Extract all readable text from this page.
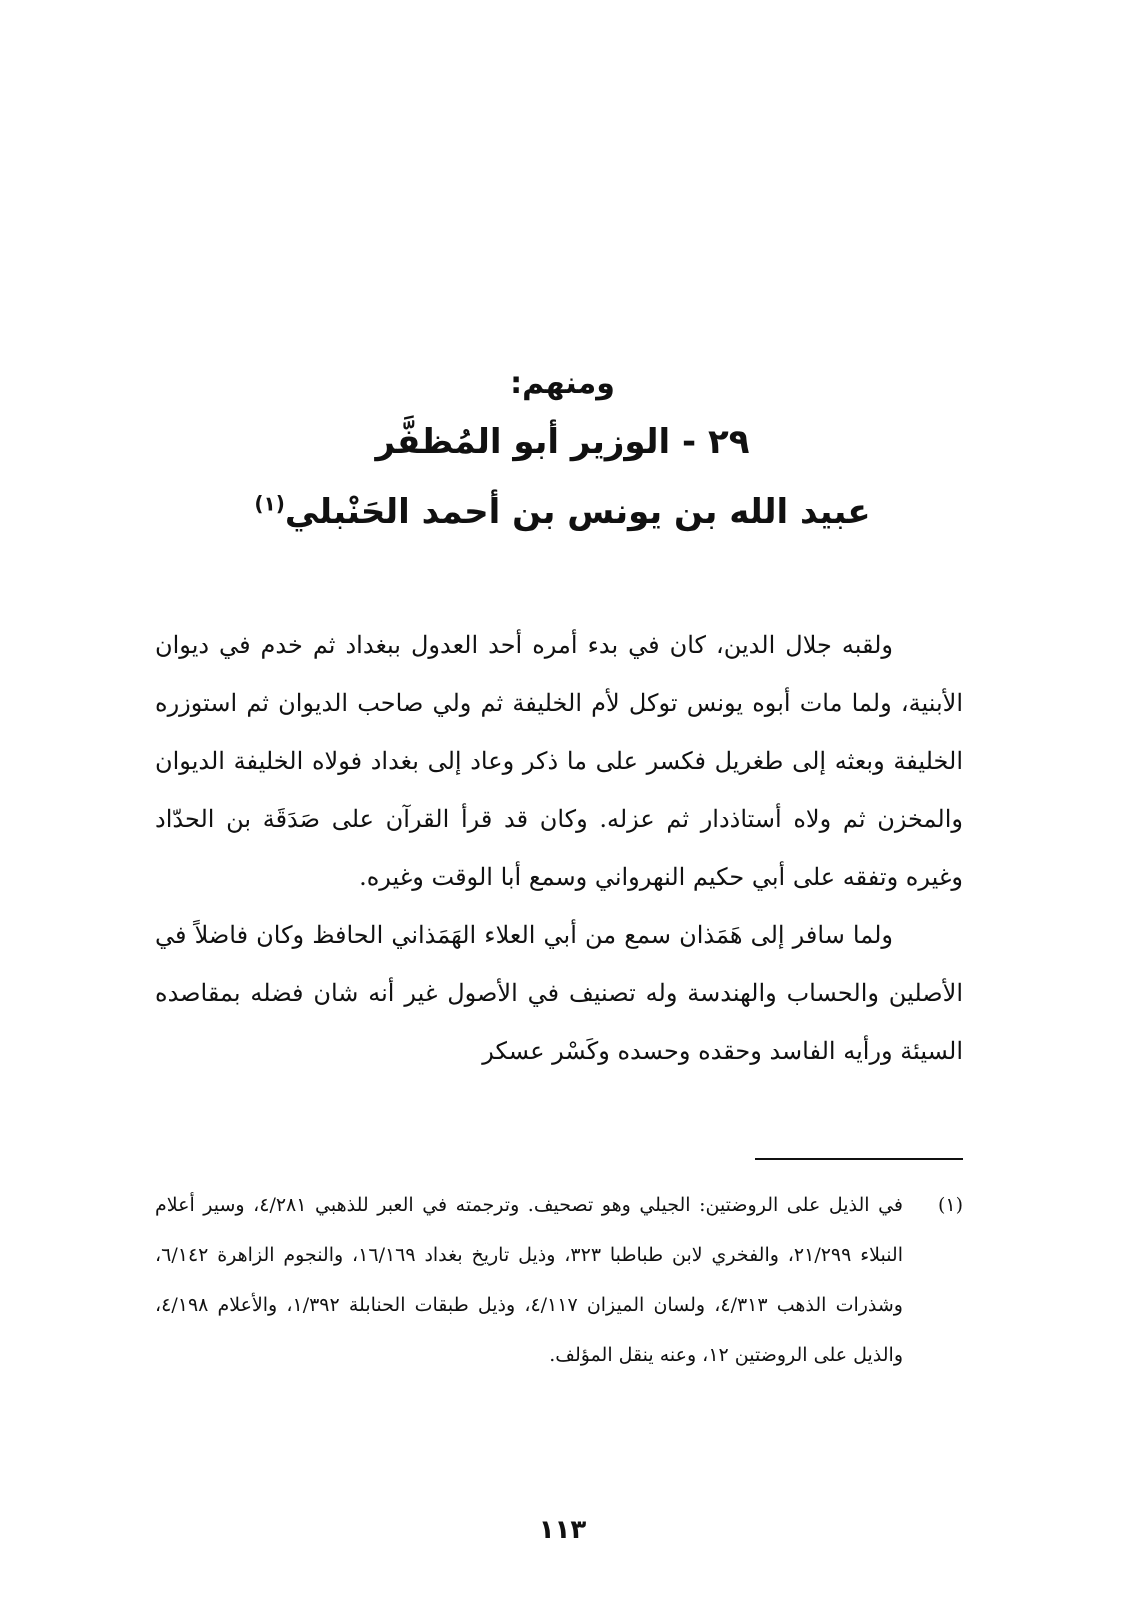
ومنهم:
٢٩ - الوزير أبو المُظفَّر
عبيد الله بن يونس بن أحمد الحَنْبلي$^{(١)}$

ولقبه جلال الدين، كان في بدء أمره أحد العدول ببغداد ثم خدم في ديوان الأبنية، ولما مات أبوه يونس توكل لأم الخليفة ثم ولي صاحب الديوان ثم استوزره الخليفة وبعثه إلى طغريل فكسر على ما ذكر وعاد إلى بغداد فولاه الخليفة الديوان والمخزن ثم ولاه أستاذدار ثم عزله. وكان قد قرأ القرآن على صَدَقَة بن الحدّاد وغيره وتفقه على أبي حكيم النهرواني وسمع أبا الوقت وغيره.

ولما سافر إلى هَمَذان سمع من أبي العلاء الهَمَذاني الحافظ وكان فاضلاً في الأصلين والحساب والهندسة وله تصنيف في الأصول غير أنه شان فضله بمقاصده السيئة ورأيه الفاسد وحقده وحسده وكَسْر عسكر

(١)
في الذيل على الروضتين: الجيلي وهو تصحيف. وترجمته في العبر للذهبي ٤/٢٨١، وسير أعلام النبلاء ٢١/٢٩٩، والفخري لابن طباطبا ٣٢٣، وذيل تاريخ بغداد ١٦/١٦٩، والنجوم الزاهرة ٦/١٤٢، وشذرات الذهب ٤/٣١٣، ولسان الميزان ٤/١١٧، وذيل طبقات الحنابلة ١/٣٩٢، والأعلام ٤/١٩٨، والذيل على الروضتين ١٢، وعنه ينقل المؤلف.
١١٣
